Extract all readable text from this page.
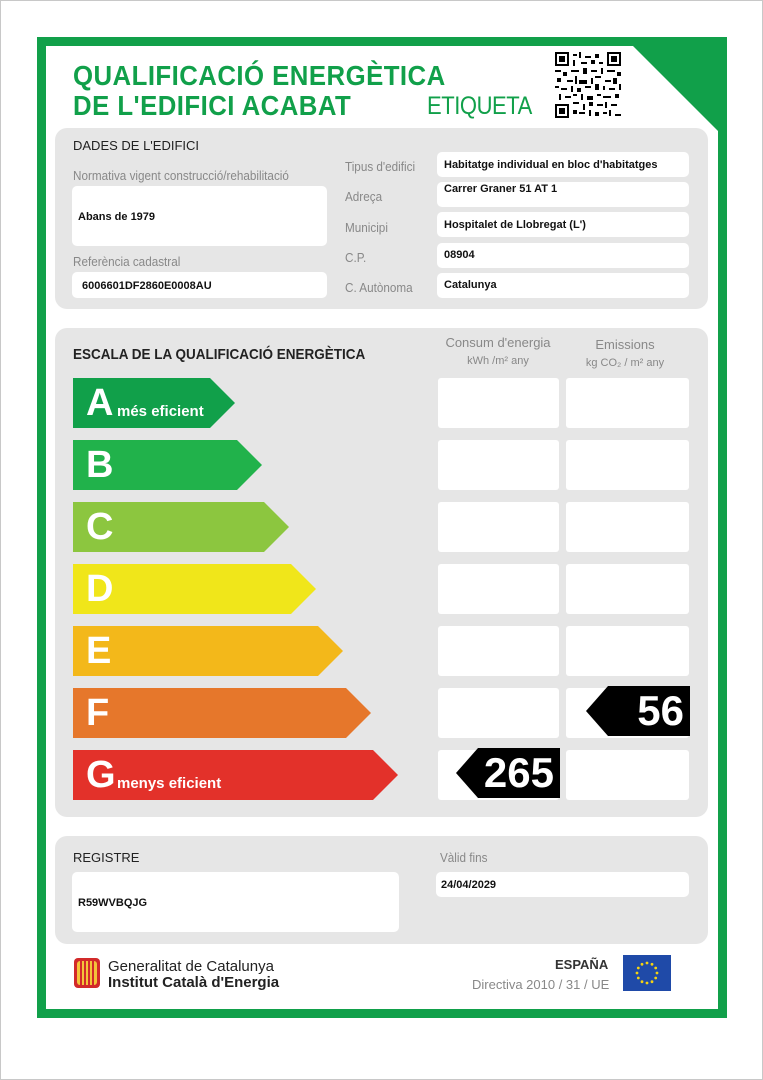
QUALIFICACIÓ ENERGÈTICA
DE L'EDIFICI ACABAT	ETIQUETA
DADES DE L'EDIFICI
Normativa vigent construcció/rehabilitació
Abans de 1979
Referència cadastral
6006601DF2860E0008AU
Tipus d'edifici	Habitatge individual en bloc d'habitatges
Adreça	Carrer Graner 51 AT 1
Municipi	Hospitalet de Llobregat (L')
C.P.	08904
C. Autònoma	Catalunya
ESCALA DE LA QUALIFICACIÓ ENERGÈTICA
Consum d'energia
kWh /m² any
Emissions
kg CO₂ / m² any
A més eficient
B
C
D
E
F
G menys eficient
56
265
REGISTRE
R59WVBQJG
Vàlid fins
24/04/2029
Generalitat de Catalunya
Institut Català d'Energia
ESPAÑA
Directiva 2010 / 31 / UE
